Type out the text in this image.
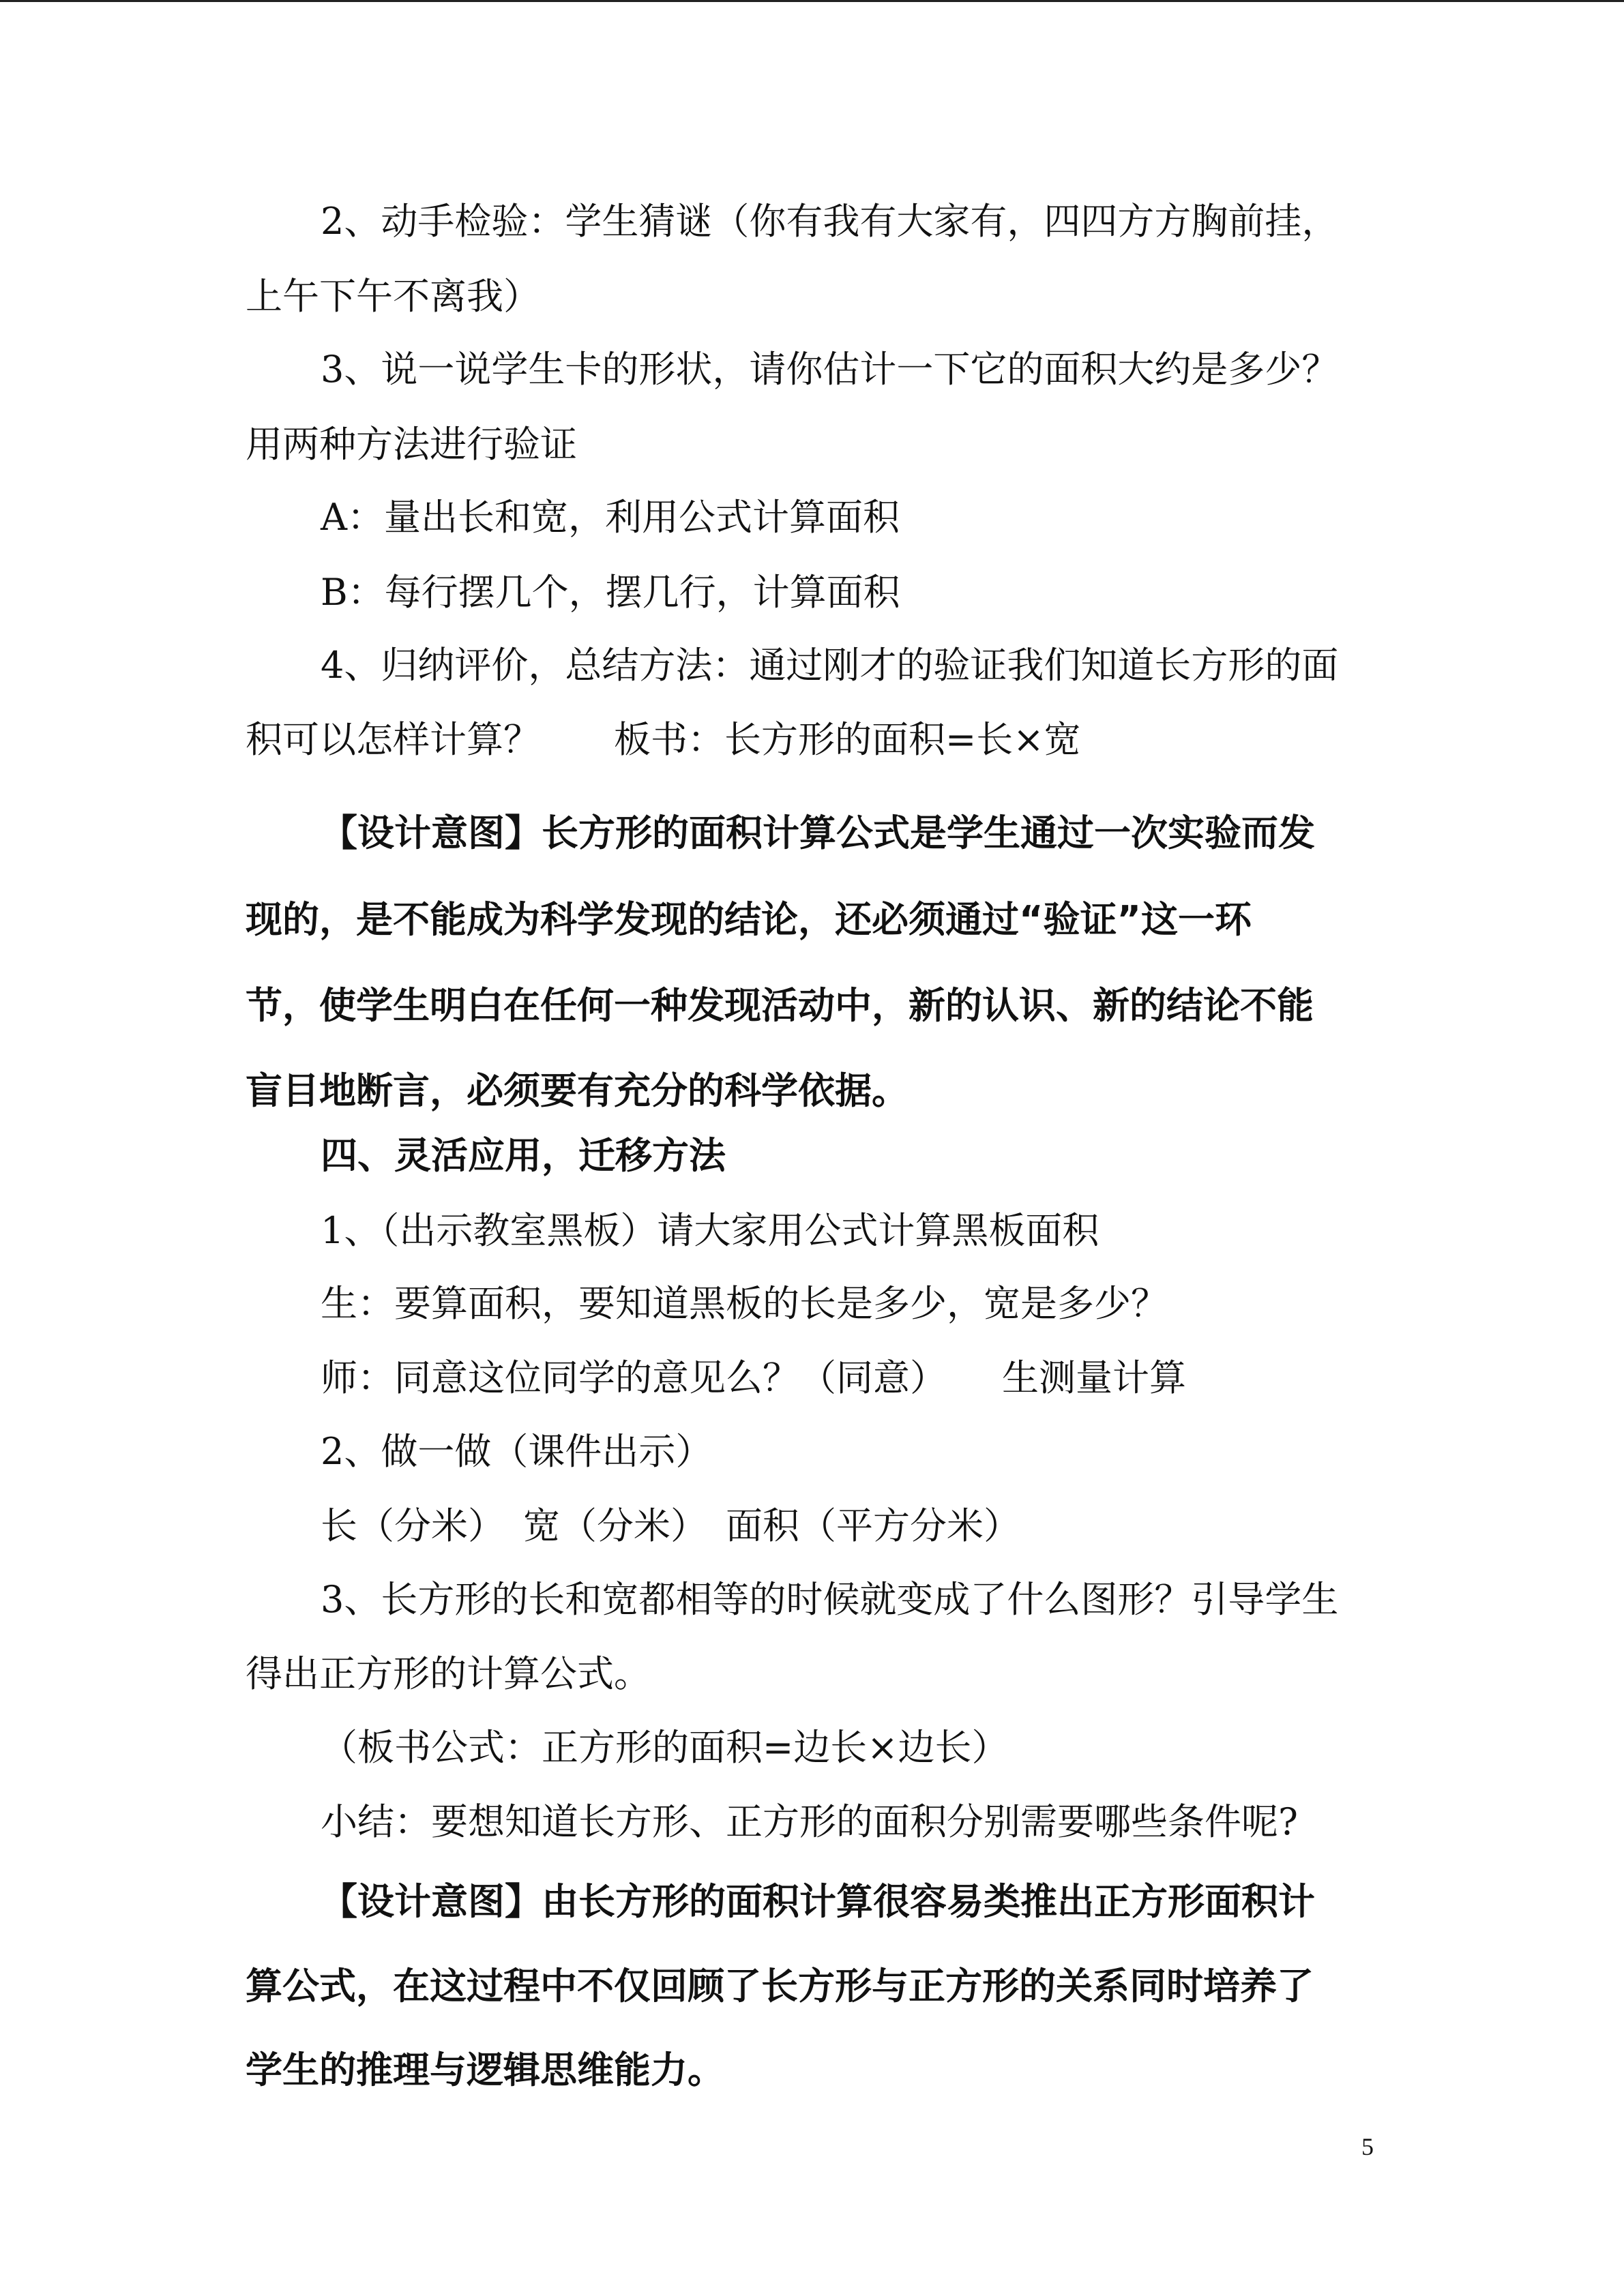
2、动手检验：学生猜谜（你有我有大家有，四四方方胸前挂，
上午下午不离我）
3、说一说学生卡的形状，请你估计一下它的面积大约是多少？
用两种方法进行验证
A：量出长和宽，利用公式计算面积
B：每行摆几个，摆几行，计算面积
4、归纳评价，总结方法：通过刚才的验证我们知道长方形的面
积可以怎样计算？　　板书：长方形的面积=长×宽
【设计意图】长方形的面积计算公式是学生通过一次实验而发
现的，是不能成为科学发现的结论，还必须通过“验证”这一环
节，使学生明白在任何一种发现活动中，新的认识、新的结论不能
盲目地断言，必须要有充分的科学依据。
四、灵活应用，迁移方法
1、（出示教室黑板）请大家用公式计算黑板面积
生：要算面积，要知道黑板的长是多少，宽是多少？
师：同意这位同学的意见么？（同意）　　生测量计算
2、做一做（课件出示）
长（分米）　宽（分米）　面积（平方分米）
3、长方形的长和宽都相等的时候就变成了什么图形？引导学生
得出正方形的计算公式。
（板书公式：正方形的面积=边长×边长）
小结：要想知道长方形、正方形的面积分别需要哪些条件呢?
【设计意图】由长方形的面积计算很容易类推出正方形面积计
算公式，在这过程中不仅回顾了长方形与正方形的关系同时培养了
学生的推理与逻辑思维能力。
5
